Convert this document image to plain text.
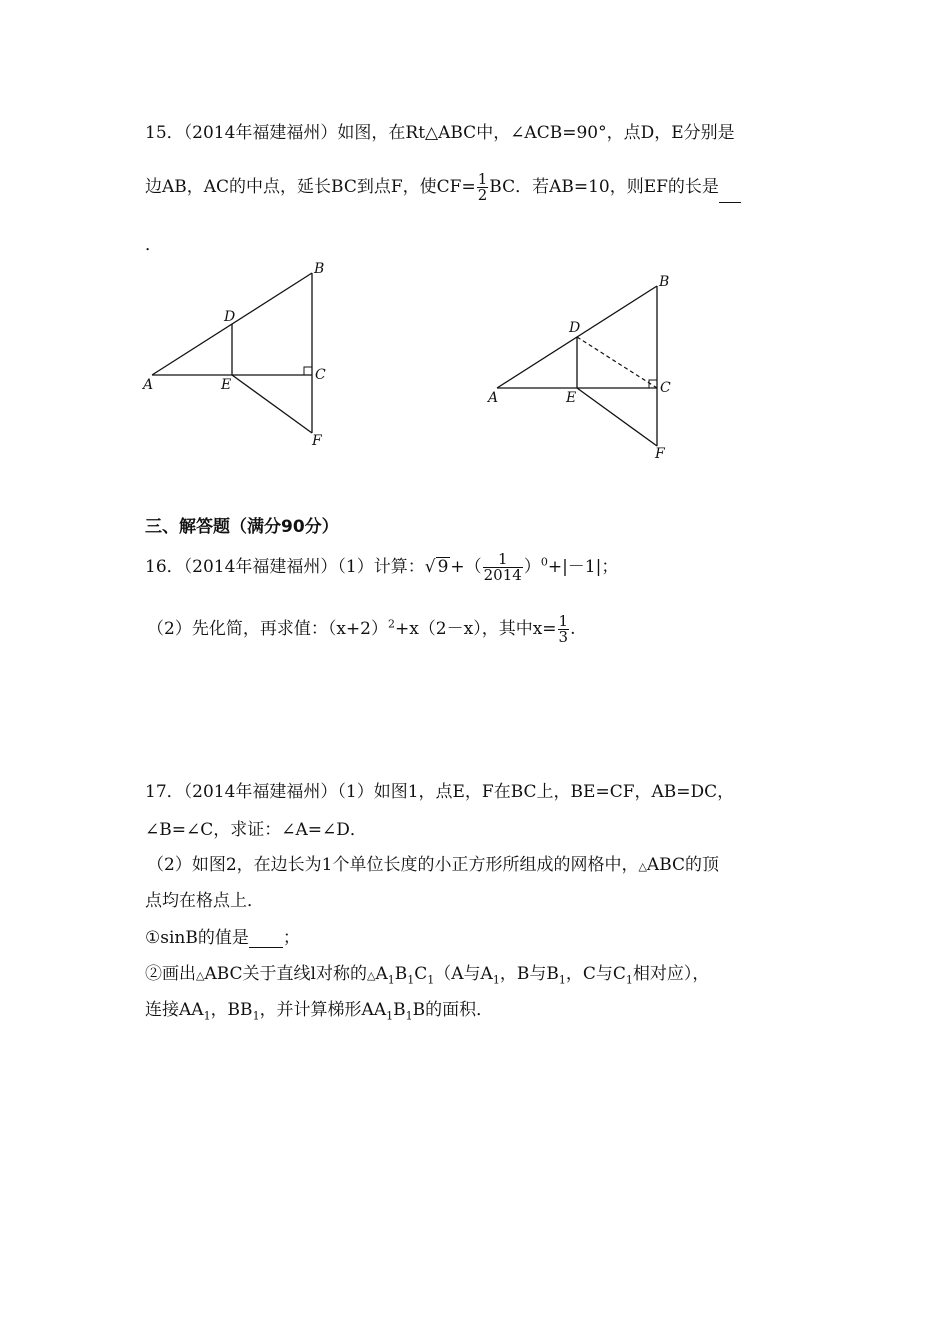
15．（2014年福建福州）如图，在Rt△ABC中，∠ACB=90°，点D，E分别是
边AB，AC的中点，延长BC到点F，使$CF= \frac{1}{2}$ BC．若AB=10，则EF的长是
．
B
D
A	E
C
F
B
D
A	E
C
F
三、解答题（满分90分）
16．（2014年福建福州）（1）计算：√ 9 +（ $\frac{1}{2014} )^0+|-1|$；
（2）先化简，再求值：$(x+2)^2+x(2-x)$，其中$x= \frac{1}{3}$ .
17．（2014年福建福州）（1）如图1，点E，F在BC上，BE=CF，AB=DC，
∠B=∠C，求证：∠A=∠D．
（2）如图2，在边长为1个单位长度的小正方形所组成的网格中，△ABC的顶
点均在格点上．
①sinB的值是 ；
②画出△ABC关于直线l对称的$\triangle A_1B_1C_1(A$与$A_1$，B与$B_1$，C与$C_1$相对应），
连接$AA_1$，$BB_1$，并计算梯形$AA_1B_1B$的面积．
